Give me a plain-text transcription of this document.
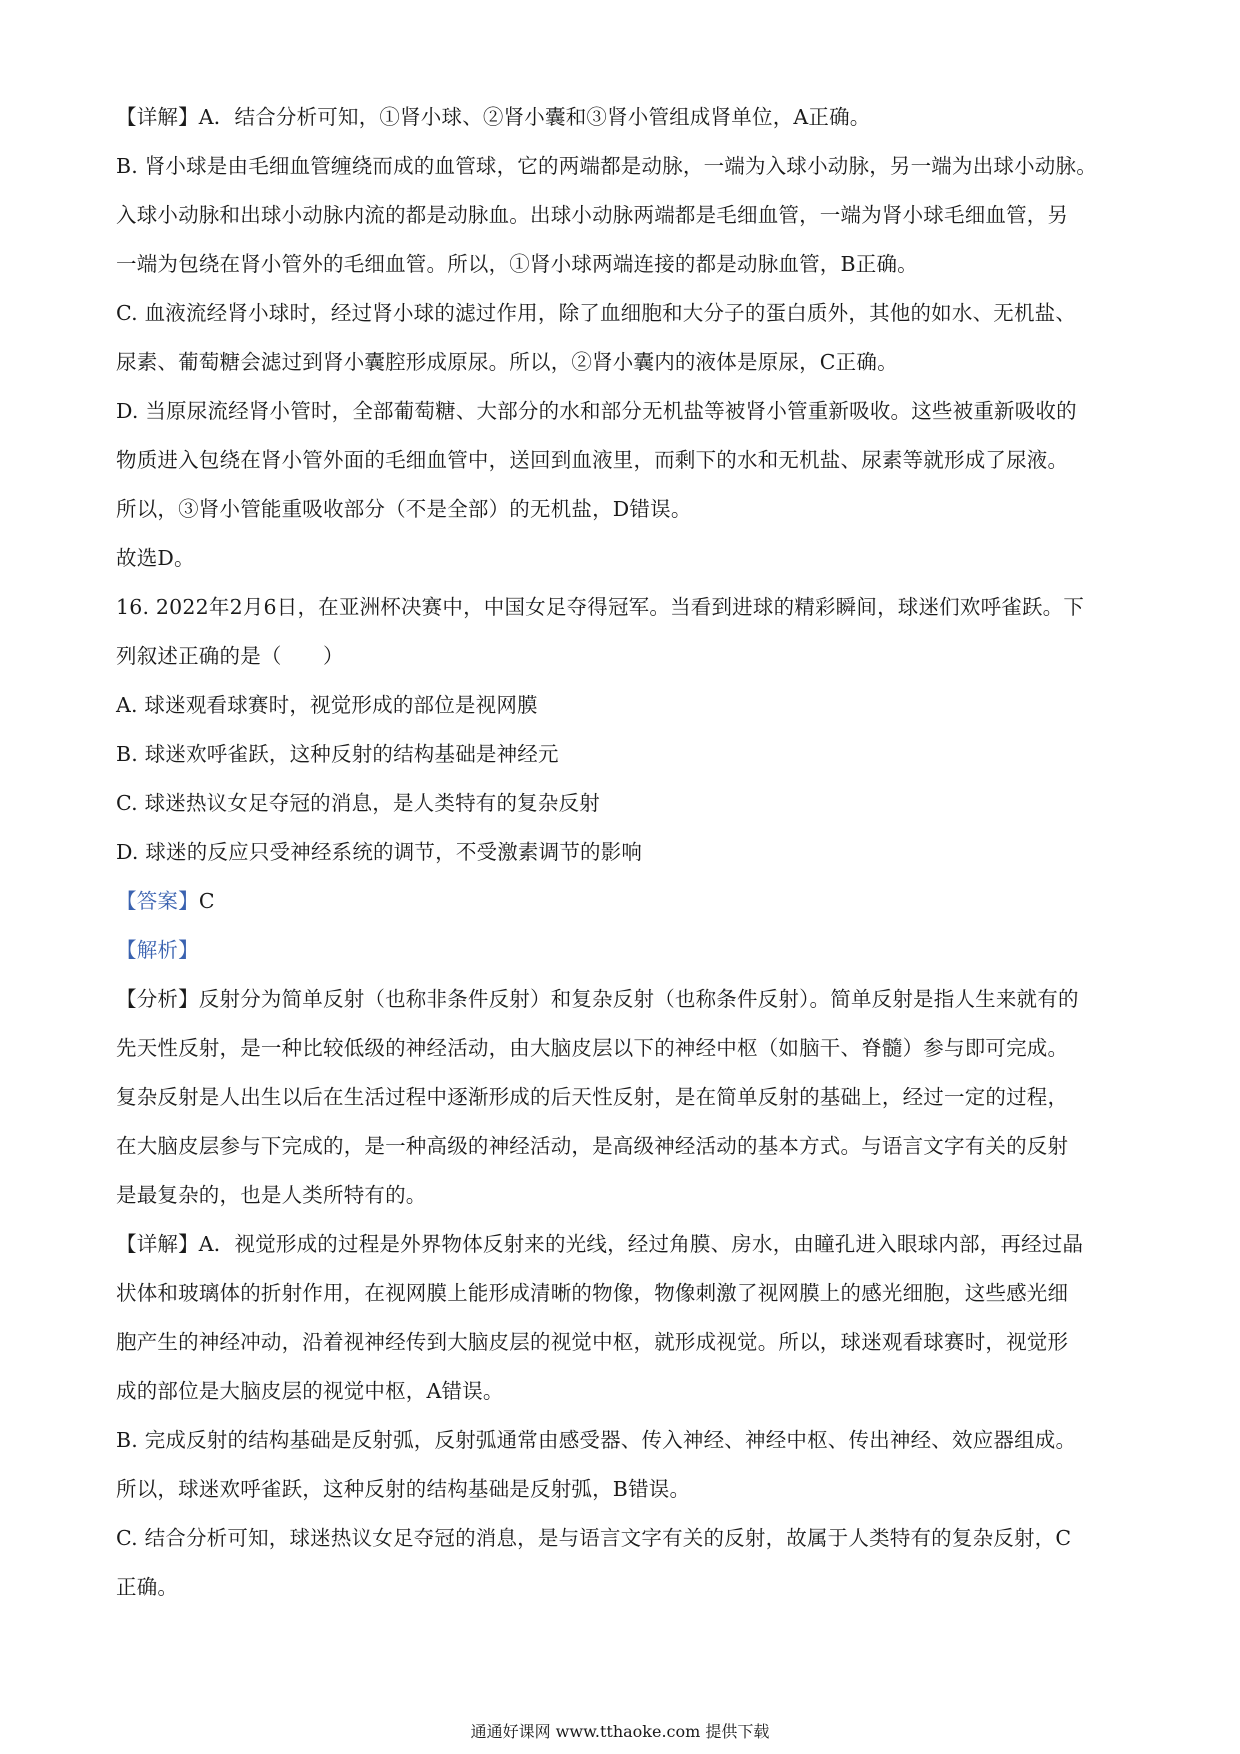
【详解】A．结合分析可知，①肾小球、②肾小囊和③肾小管组成肾单位，A正确。
B. 肾小球是由毛细血管缠绕而成的血管球，它的两端都是动脉，一端为入球小动脉，另一端为出球小动脉。
入球小动脉和出球小动脉内流的都是动脉血。出球小动脉两端都是毛细血管，一端为肾小球毛细血管，另
一端为包绕在肾小管外的毛细血管。所以，①肾小球两端连接的都是动脉血管，B正确。
C. 血液流经肾小球时，经过肾小球的滤过作用，除了血细胞和大分子的蛋白质外，其他的如水、无机盐、
尿素、葡萄糖会滤过到肾小囊腔形成原尿。所以，②肾小囊内的液体是原尿，C正确。
D. 当原尿流经肾小管时，全部葡萄糖、大部分的水和部分无机盐等被肾小管重新吸收。这些被重新吸收的
物质进入包绕在肾小管外面的毛细血管中，送回到血液里，而剩下的水和无机盐、尿素等就形成了尿液。
所以，③肾小管能重吸收部分（不是全部）的无机盐，D错误。
故选D。
16. 2022年2月6日，在亚洲杯决赛中，中国女足夺得冠军。当看到进球的精彩瞬间，球迷们欢呼雀跃。下
列叙述正确的是（　　）
A. 球迷观看球赛时，视觉形成的部位是视网膜
B. 球迷欢呼雀跃，这种反射的结构基础是神经元
C. 球迷热议女足夺冠的消息，是人类特有的复杂反射
D. 球迷的反应只受神经系统的调节，不受激素调节的影响
【答案】C
【解析】
【分析】反射分为简单反射（也称非条件反射）和复杂反射（也称条件反射）。简单反射是指人生来就有的
先天性反射，是一种比较低级的神经活动，由大脑皮层以下的神经中枢（如脑干、脊髓）参与即可完成。
复杂反射是人出生以后在生活过程中逐渐形成的后天性反射，是在简单反射的基础上，经过一定的过程，
在大脑皮层参与下完成的，是一种高级的神经活动，是高级神经活动的基本方式。与语言文字有关的反射
是最复杂的，也是人类所特有的。
【详解】A．视觉形成的过程是外界物体反射来的光线，经过角膜、房水，由瞳孔进入眼球内部，再经过晶
状体和玻璃体的折射作用，在视网膜上能形成清晰的物像，物像刺激了视网膜上的感光细胞，这些感光细
胞产生的神经冲动，沿着视神经传到大脑皮层的视觉中枢，就形成视觉。所以，球迷观看球赛时，视觉形
成的部位是大脑皮层的视觉中枢，A错误。
B. 完成反射的结构基础是反射弧，反射弧通常由感受器、传入神经、神经中枢、传出神经、效应器组成。
所以，球迷欢呼雀跃，这种反射的结构基础是反射弧，B错误。
C. 结合分析可知，球迷热议女足夺冠的消息，是与语言文字有关的反射，故属于人类特有的复杂反射，C
正确。
通通好课网 www.tthaoke.com 提供下载
